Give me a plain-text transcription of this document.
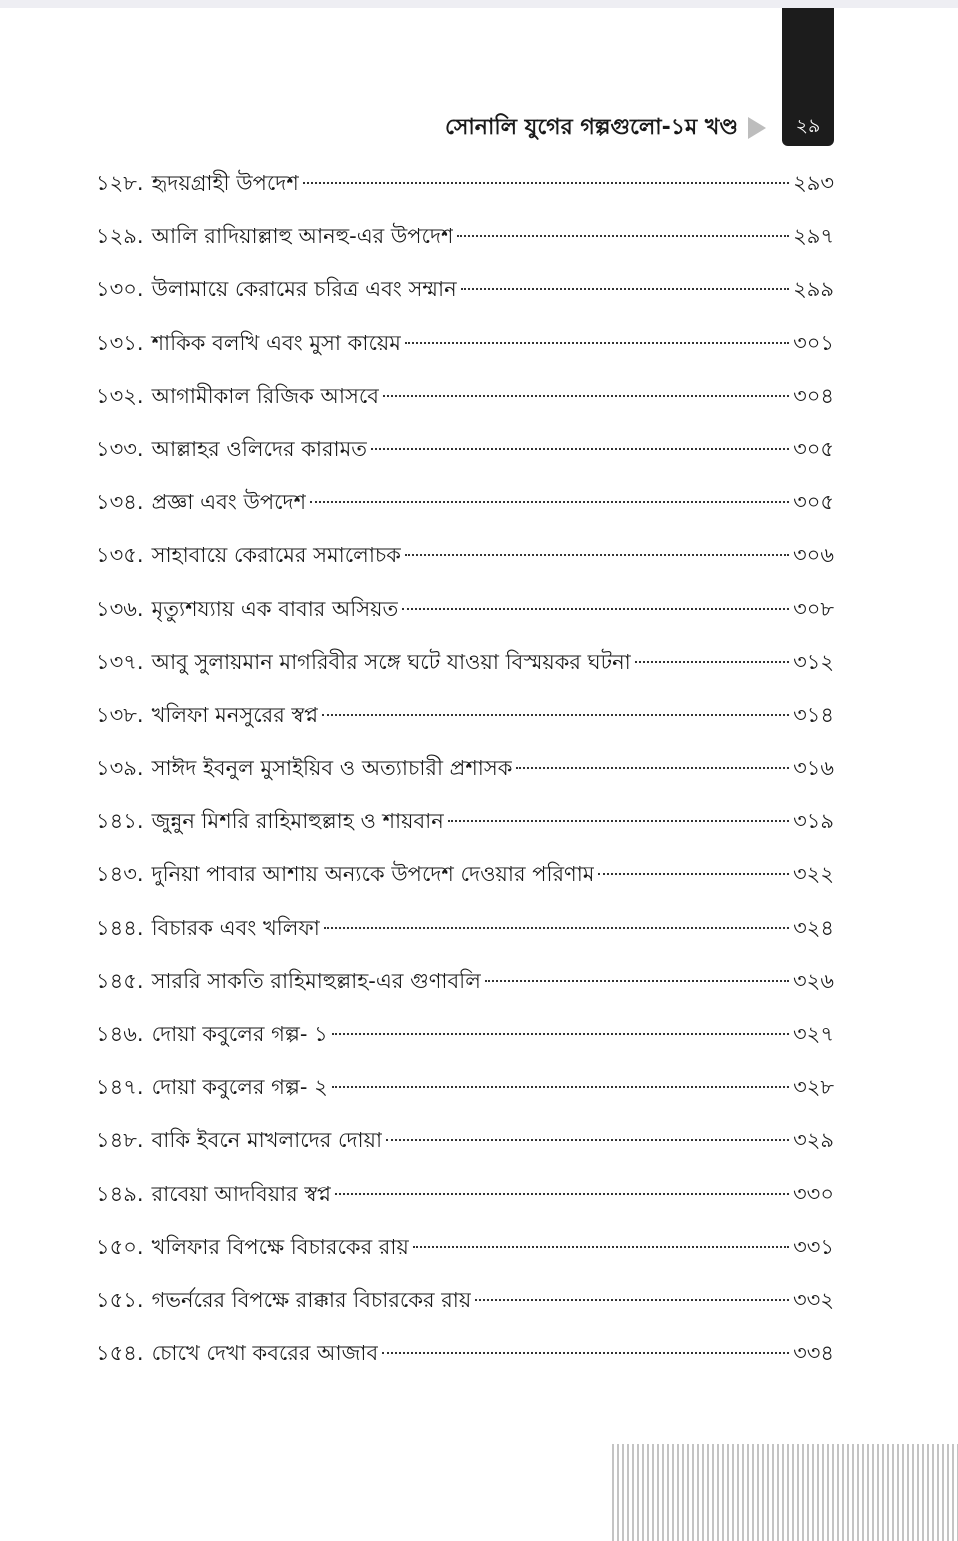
২৯
সোনালি যুগের গল্পগুলো-১ম খণ্ড
১২৮. হৃদয়গ্রাহী উপদেশ	২৯৩
১২৯. আলি রাদিয়াল্লাহু আনহু-এর উপদেশ	২৯৭
১৩০. উলামায়ে কেরামের চরিত্র এবং সম্মান	২৯৯
১৩১. শাকিক বলখি এবং মুসা কায়েম	৩০১
১৩২. আগামীকাল রিজিক আসবে	৩০৪
১৩৩. আল্লাহর ওলিদের কারামত	৩০৫
১৩৪. প্রজ্ঞা এবং উপদেশ	৩০৫
১৩৫. সাহাবায়ে কেরামের সমালোচক	৩০৬
১৩৬. মৃত্যুশয্যায় এক বাবার অসিয়ত	৩০৮
১৩৭. আবু সুলায়মান মাগরিবীর সঙ্গে ঘটে যাওয়া বিস্ময়কর ঘটনা	৩১২
১৩৮. খলিফা মনসুরের স্বপ্ন	৩১৪
১৩৯. সাঈদ ইবনুল মুসাইয়িব ও অত্যাচারী প্রশাসক	৩১৬
১৪১. জুন্নুন মিশরি রাহিমাহুল্লাহ ও শায়বান	৩১৯
১৪৩. দুনিয়া পাবার আশায় অন্যকে উপদেশ দেওয়ার পরিণাম	৩২২
১৪৪. বিচারক এবং খলিফা	৩২৪
১৪৫. সাররি সাকতি রাহিমাহুল্লাহ-এর গুণাবলি	৩২৬
১৪৬. দোয়া কবুলের গল্প- ১	৩২৭
১৪৭. দোয়া কবুলের গল্প- ২	৩২৮
১৪৮. বাকি ইবনে মাখলাদের দোয়া	৩২৯
১৪৯. রাবেয়া আদবিয়ার স্বপ্ন	৩৩০
১৫০. খলিফার বিপক্ষে বিচারকের রায়	৩৩১
১৫১. গভর্নরের বিপক্ষে রাক্কার বিচারকের রায়	৩৩২
১৫৪. চোখে দেখা কবরের আজাব	৩৩৪
